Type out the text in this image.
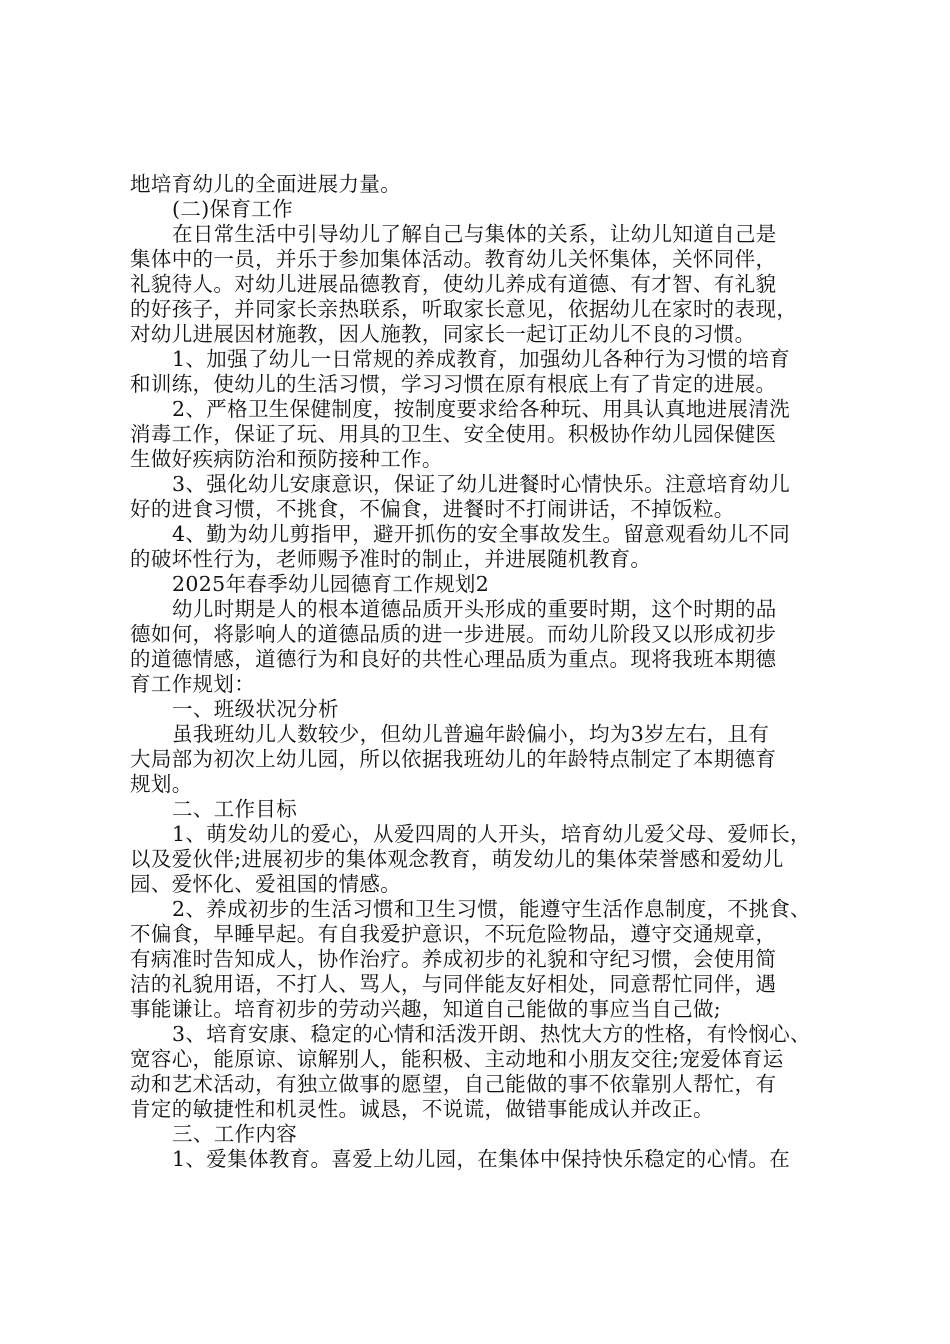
地培育幼儿的全面进展力量。
(二)保育工作
在日常生活中引导幼儿了解自己与集体的关系，让幼儿知道自己是
集体中的一员，并乐于参加集体活动。教育幼儿关怀集体，关怀同伴，
礼貌待人。对幼儿进展品德教育，使幼儿养成有道德、有才智、有礼貌
的好孩子，并同家长亲热联系，听取家长意见，依据幼儿在家时的表现，
对幼儿进展因材施教，因人施教，同家长一起订正幼儿不良的习惯。
1、加强了幼儿一日常规的养成教育，加强幼儿各种行为习惯的培育
和训练，使幼儿的生活习惯，学习习惯在原有根底上有了肯定的进展。
2、严格卫生保健制度，按制度要求给各种玩、用具认真地进展清洗
消毒工作，保证了玩、用具的卫生、安全使用。积极协作幼儿园保健医
生做好疾病防治和预防接种工作。
3、强化幼儿安康意识，保证了幼儿进餐时心情快乐。注意培育幼儿
好的进食习惯，不挑食，不偏食，进餐时不打闹讲话，不掉饭粒。
4、勤为幼儿剪指甲，避开抓伤的安全事故发生。留意观看幼儿不同
的破坏性行为，老师赐予准时的制止，并进展随机教育。
2025年春季幼儿园德育工作规划2
幼儿时期是人的根本道德品质开头形成的重要时期，这个时期的品
德如何，将影响人的道德品质的进一步进展。而幼儿阶段又以形成初步
的道德情感，道德行为和良好的共性心理品质为重点。现将我班本期德
育工作规划：
一、班级状况分析
虽我班幼儿人数较少，但幼儿普遍年龄偏小，均为3岁左右，且有
大局部为初次上幼儿园，所以依据我班幼儿的年龄特点制定了本期德育
规划。
二、工作目标
1、萌发幼儿的爱心，从爱四周的人开头，培育幼儿爱父母、爱师长，
以及爱伙伴;进展初步的集体观念教育，萌发幼儿的集体荣誉感和爱幼儿
园、爱怀化、爱祖国的情感。
2、养成初步的生活习惯和卫生习惯，能遵守生活作息制度，不挑食、
不偏食，早睡早起。有自我爱护意识，不玩危险物品，遵守交通规章，
有病准时告知成人，协作治疗。养成初步的礼貌和守纪习惯，会使用简
洁的礼貌用语，不打人、骂人，与同伴能友好相处，同意帮忙同伴，遇
事能谦让。培育初步的劳动兴趣，知道自己能做的事应当自己做;
3、培育安康、稳定的心情和活泼开朗、热忱大方的性格，有怜悯心、
宽容心，能原谅、谅解别人，能积极、主动地和小朋友交往;宠爱体育运
动和艺术活动，有独立做事的愿望，自己能做的事不依靠别人帮忙，有
肯定的敏捷性和机灵性。诚恳，不说谎，做错事能成认并改正。
三、工作内容
1、爱集体教育。喜爱上幼儿园，在集体中保持快乐稳定的心情。在
